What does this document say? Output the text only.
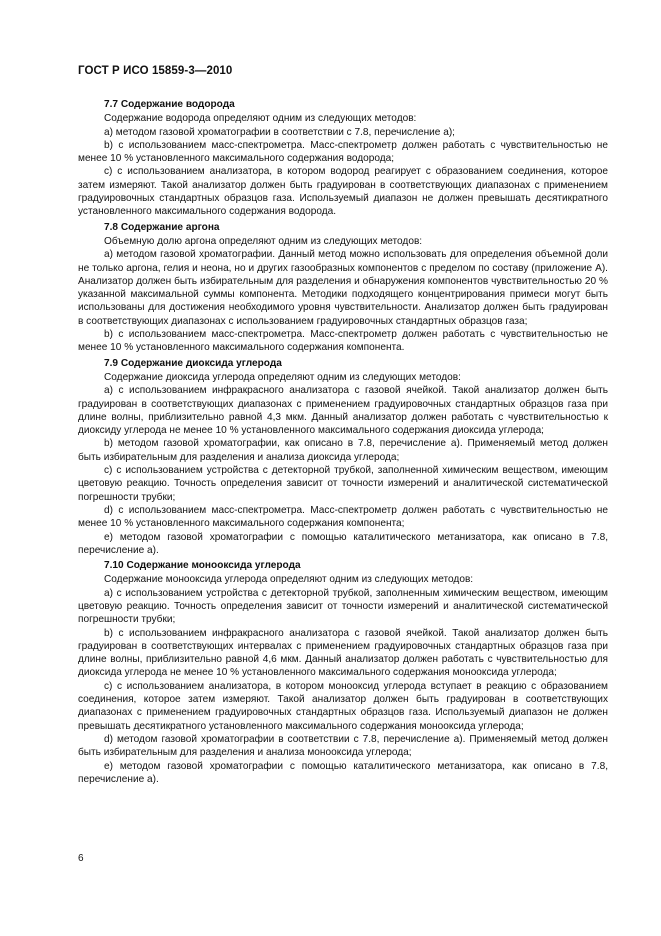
ГОСТ Р ИСО 15859-3—2010
7.7 Содержание водорода

Содержание водорода определяют одним из следующих методов:

а) методом газовой хроматографии в соответствии с 7.8, перечисление а);

b) с использованием масс-спектрометра. Масс-спектрометр должен работать с чувствительностью не менее 10 % установленного максимального содержания водорода;

с) с использованием анализатора, в котором водород реагирует с образованием соединения, которое затем измеряют. Такой анализатор должен быть градуирован в соответствующих диапазонах с применением градуировочных стандартных образцов газа. Используемый диапазон не должен превышать десятикратного установленного максимального содержания водорода.

7.8 Содержание аргона

Объемную долю аргона определяют одним из следующих методов:

а) методом газовой хроматографии. Данный метод можно использовать для определения объемной доли не только аргона, гелия и неона, но и других газообразных компонентов с пределом по составу (приложение А). Анализатор должен быть избирательным для разделения и обнаружения компонентов чувствительностью 20 % указанной максимальной суммы компонента. Методики подходящего концентрирования примеси могут быть использованы для достижения необходимого уровня чувствительности. Анализатор должен быть градуирован в соответствующих диапазонах с использованием градуировочных стандартных образцов газа;

b) с использованием масс-спектрометра. Масс-спектрометр должен работать с чувствительностью не менее 10 % установленного максимального содержания компонента.

7.9 Содержание диоксида углерода

Содержание диоксида углерода определяют одним из следующих методов:

а) с использованием инфракрасного анализатора с газовой ячейкой. Такой анализатор должен быть градуирован в соответствующих диапазонах с применением градуировочных стандартных образцов газа при длине волны, приблизительно равной 4,3 мкм. Данный анализатор должен работать с чувствительностью к диоксиду углерода не менее 10 % установленного максимального содержания диоксида углерода;

b) методом газовой хроматографии, как описано в 7.8, перечисление а). Применяемый метод должен быть избирательным для разделения и анализа диоксида углерода;

с) с использованием устройства с детекторной трубкой, заполненной химическим веществом, имеющим цветовую реакцию. Точность определения зависит от точности измерений и аналитической систематической погрешности трубки;

d) с использованием масс-спектрометра. Масс-спектрометр должен работать с чувствительностью не менее 10 % установленного максимального содержания компонента;

е) методом газовой хроматографии с помощью каталитического метанизатора, как описано в 7.8, перечисление а).

7.10 Содержание монооксида углерода

Содержание монооксида углерода определяют одним из следующих методов:

а) с использованием устройства с детекторной трубкой, заполненным химическим веществом, имеющим цветовую реакцию. Точность определения зависит от точности измерений и аналитической систематической погрешности трубки;

b) с использованием инфракрасного анализатора с газовой ячейкой. Такой анализатор должен быть градуирован в соответствующих интервалах с применением градуировочных стандартных образцов газа при длине волны, приблизительно равной 4,6 мкм. Данный анализатор должен работать с чувствительностью для диоксида углерода не менее 10 % установленного максимального содержания монооксида углерода;

с) с использованием анализатора, в котором монооксид углерода вступает в реакцию с образованием соединения, которое затем измеряют. Такой анализатор должен быть градуирован в соответствующих диапазонах с применением градуировочных стандартных образцов газа. Используемый диапазон не должен превышать десятикратного установленного максимального содержания монооксида углерода;

d) методом газовой хроматографии в соответствии с 7.8, перечисление а). Применяемый метод должен быть избирательным для разделения и анализа монооксида углерода;

е) методом газовой хроматографии с помощью каталитического метанизатора, как описано в 7.8, перечисление а).

6
